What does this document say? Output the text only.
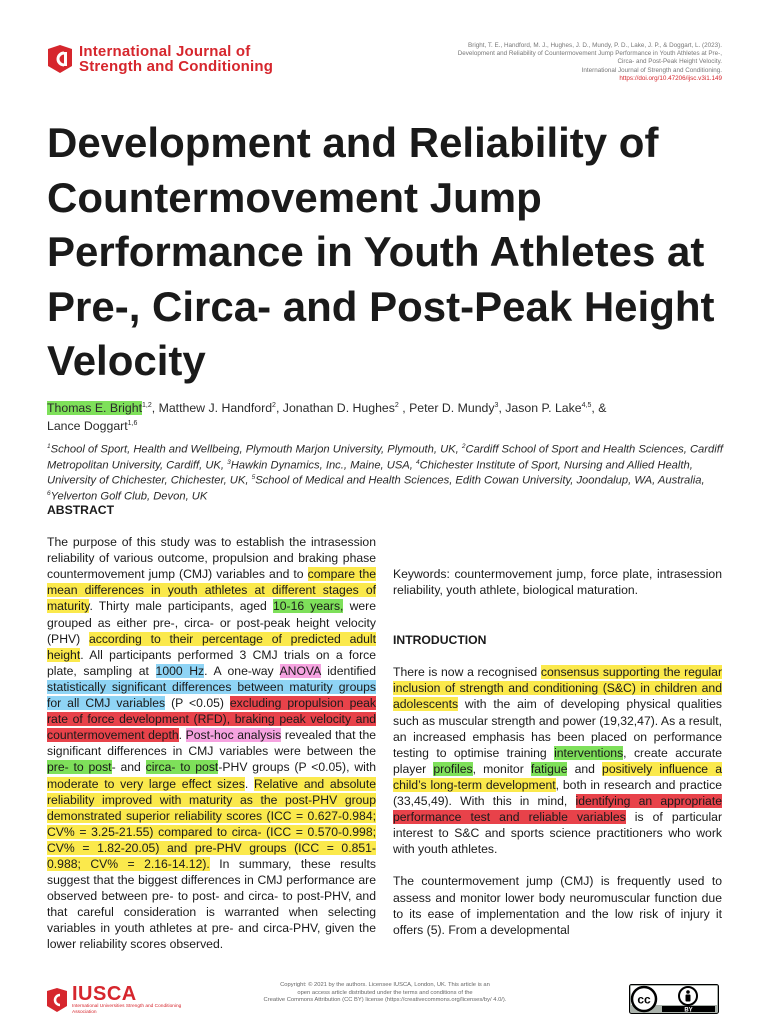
International Journal of
Strength and Conditioning
Bright, T. E., Handford, M. J., Hughes, J. D., Mundy, P. D., Lake, J. P., & Doggart, L. (2023).
Development and Reliability of Countermovement Jump Performance in Youth Athletes at Pre-,
Circa- and Post-Peak Height Velocity.
International Journal of Strength and Conditioning.
https://doi.org/10.47206/ijsc.v3i1.149
Development and Reliability of Countermovement Jump Performance in Youth Athletes at Pre-, Circa- and Post-Peak Height Velocity
Thomas E. Bright$^{1,2}$, Matthew J. Handford$^2$, Jonathan D. Hughes$^2$ , Peter D. Mundy$^3$, Jason P. Lake$^{4,5}$, &
Lance Doggart$^{1,6}$
$^1$School of Sport, Health and Wellbeing, Plymouth Marjon University, Plymouth, UK, $^2$Cardiff School of Sport and Health Sciences, Cardiff Metropolitan University, Cardiff, UK, $^3$Hawkin Dynamics, Inc., Maine, USA, $^4$Chichester Institute of Sport, Nursing and Allied Health, University of Chichester, Chichester, UK, $^5$School of Medical and Health Sciences, Edith Cowan University, Joondalup, WA, Australia, $^6$Yelverton Golf Club, Devon, UK
ABSTRACT

The purpose of this study was to establish the intrasession reliability of various outcome, propulsion and braking phase countermovement jump (CMJ) variables and to compare the mean differences in youth athletes at different stages of maturity. Thirty male participants, aged 10-16 years, were grouped as either pre-, circa- or post-peak height velocity (PHV) according to their percentage of predicted adult height. All participants performed 3 CMJ trials on a force plate, sampling at 1000 Hz. A one-way ANOVA identified statistically significant differences between maturity groups for all CMJ variables (P <0.05) excluding propulsion peak rate of force development (RFD), braking peak velocity and countermovement depth. Post-hoc analysis revealed that the significant differences in CMJ variables were between the pre- to post- and circa- to post-PHV groups (P <0.05), with moderate to very large effect sizes. Relative and absolute reliability improved with maturity as the post-PHV group demonstrated superior reliability scores (ICC = 0.627-0.984; CV% = 3.25-21.55) compared to circa- (ICC = 0.570-0.998; CV% = 1.82-20.05) and pre-PHV groups (ICC = 0.851-0.988; CV% = 2.16-14.12). In summary, these results suggest that the biggest differences in CMJ performance are observed between pre- to post- and circa- to post-PHV, and that careful consideration is warranted when selecting variables in youth athletes at pre- and circa-PHV, given the lower reliability scores observed.

Keywords: countermovement jump, force plate, intrasession reliability, youth athlete, biological maturation.

INTRODUCTION

There is now a recognised consensus supporting the regular inclusion of strength and conditioning (S&C) in children and adolescents with the aim of developing physical qualities such as muscular strength and power (19,32,47). As a result, an increased emphasis has been placed on performance testing to optimise training interventions, create accurate player profiles, monitor fatigue and positively influence a child’s long-term development, both in research and practice (33,45,49). With this in mind, identifying an appropriate performance test and reliable variables is of particular interest to S&C and sports science practitioners who work with youth athletes.

The countermovement jump (CMJ) is frequently used to assess and monitor lower body neuromuscular function due to its ease of implementation and the low risk of injury it offers (5). From a developmental

IUSCA
International Universities Strength and Conditioning Association
Copyright: © 2021 by the authors. Licensee IUSCA, London, UK. This article is an
open access article distributed under the terms and conditions of the
Creative Commons Attribution (CC BY) license (https://creativecommons.org/licenses/by/ 4.0/).	cc
BY
